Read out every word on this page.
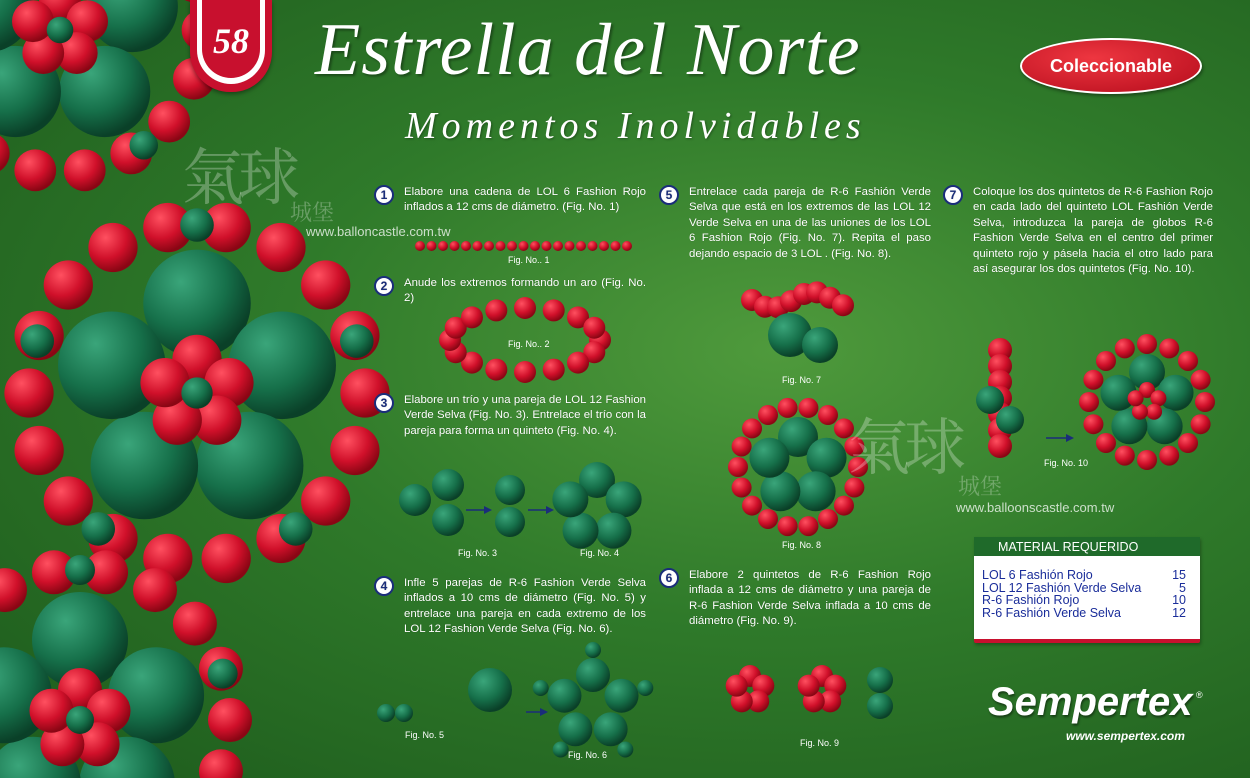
58 Estrella del Norte
Momentos Inolvidables
Coleccionable
氣球
城堡
www.balloncastle.com.tw
氣球
城堡
www.balloonscastle.com.tw
1	Elabore una cadena de LOL 6 Fashion Rojo inflados a 12 cms de diámetro. (Fig. No. 1)
2	Anude los extremos formando un aro (Fig. No. 2)
3	Elabore un trío y una pareja de LOL 12 Fashion Verde Selva (Fig. No. 3). Entrelace el trío con la pareja para forma un quinteto (Fig. No. 4).
4	Infle 5 parejas de R-6 Fashion Verde Selva inflados a 10 cms de diámetro (Fig. No. 5) y entrelace una pareja en cada extremo de los LOL 12 Fashion Verde Selva (Fig. No. 6).
5	Entrelace cada pareja de R-6 Fashión Verde Selva que está en los extremos de las LOL 12 Verde Selva en una de las uniones de los LOL 6 Fashion Rojo (Fig. No. 7). Repita el paso dejando espacio de 3 LOL . (Fig. No. 8).
6	Elabore 2 quintetos de R-6 Fashion Rojo inflada a 12 cms de diámetro y una pareja de R-6 Fashion Verde Selva inflada a 10 cms de diámetro (Fig. No. 9).
7	Coloque los dos quintetos de R-6 Fashion Rojo en cada lado del quinteto LOL Fashión Verde Selva, introduzca la pareja de globos R-6 Fashion Verde Selva en el centro del primer quinteto rojo y pásela hacia el otro lado para así asegurar los dos quintetos (Fig. No. 10).
Fig. No.. 1
Fig. No.. 2
Fig. No. 3	Fig. No. 4
Fig. No. 5
Fig. No. 6
Fig. No. 7
Fig. No. 8
Fig. No. 9
Fig. No. 10
MATERIAL REQUERIDO
LOL 6 Fashión Rojo	15
LOL 12 Fashión Verde Selva	5
R-6 Fashión Rojo	10
R-6 Fashión Verde Selva	12
Sempertex ®
www.sempertex.com
